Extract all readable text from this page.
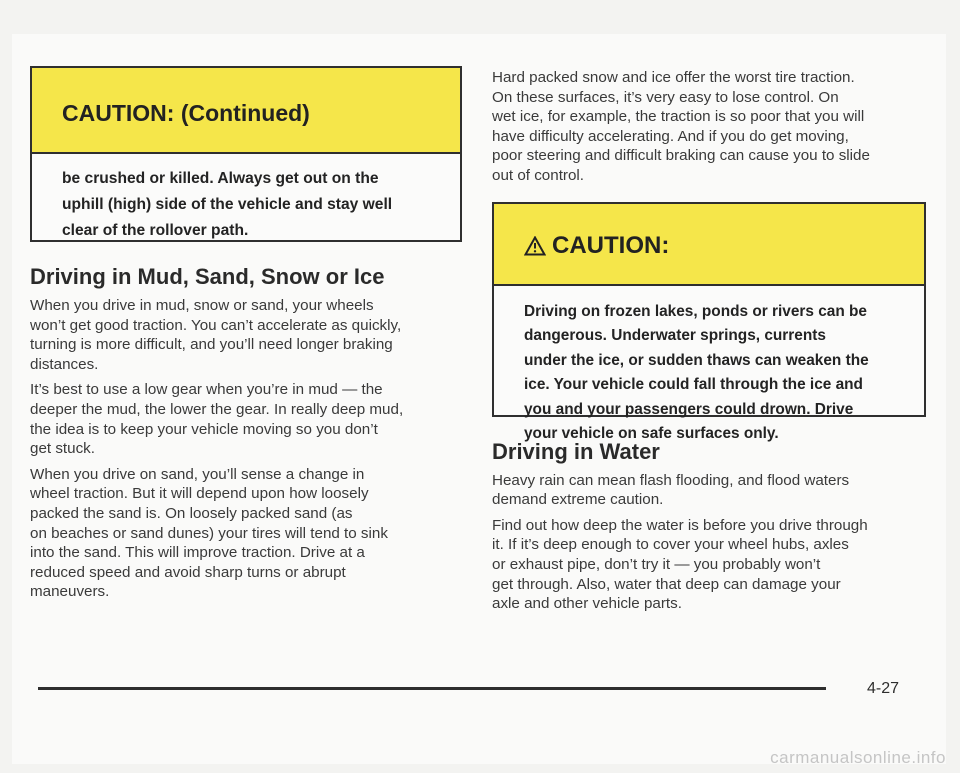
CAUTION: (Continued)
be crushed or killed. Always get out on the
uphill (high) side of the vehicle and stay well
clear of the rollover path.
Driving in Mud, Sand, Snow or Ice

When you drive in mud, snow or sand, your wheels
won’t get good traction. You can’t accelerate as quickly,
turning is more difficult, and you’ll need longer braking
distances.

It’s best to use a low gear when you’re in mud — the
deeper the mud, the lower the gear. In really deep mud,
the idea is to keep your vehicle moving so you don’t
get stuck.

When you drive on sand, you’ll sense a change in
wheel traction. But it will depend upon how loosely
packed the sand is. On loosely packed sand (as
on beaches or sand dunes) your tires will tend to sink
into the sand. This will improve traction. Drive at a
reduced speed and avoid sharp turns or abrupt
maneuvers.

Hard packed snow and ice offer the worst tire traction.
On these surfaces, it’s very easy to lose control. On
wet ice, for example, the traction is so poor that you will
have difficulty accelerating. And if you do get moving,
poor steering and difficult braking can cause you to slide
out of control.

CAUTION:
Driving on frozen lakes, ponds or rivers can be
dangerous. Underwater springs, currents
under the ice, or sudden thaws can weaken the
ice. Your vehicle could fall through the ice and
you and your passengers could drown. Drive
your vehicle on safe surfaces only.
Driving in Water

Heavy rain can mean flash flooding, and flood waters
demand extreme caution.

Find out how deep the water is before you drive through
it. If it’s deep enough to cover your wheel hubs, axles
or exhaust pipe, don’t try it — you probably won’t
get through. Also, water that deep can damage your
axle and other vehicle parts.

4-27
carmanualsonline.info
